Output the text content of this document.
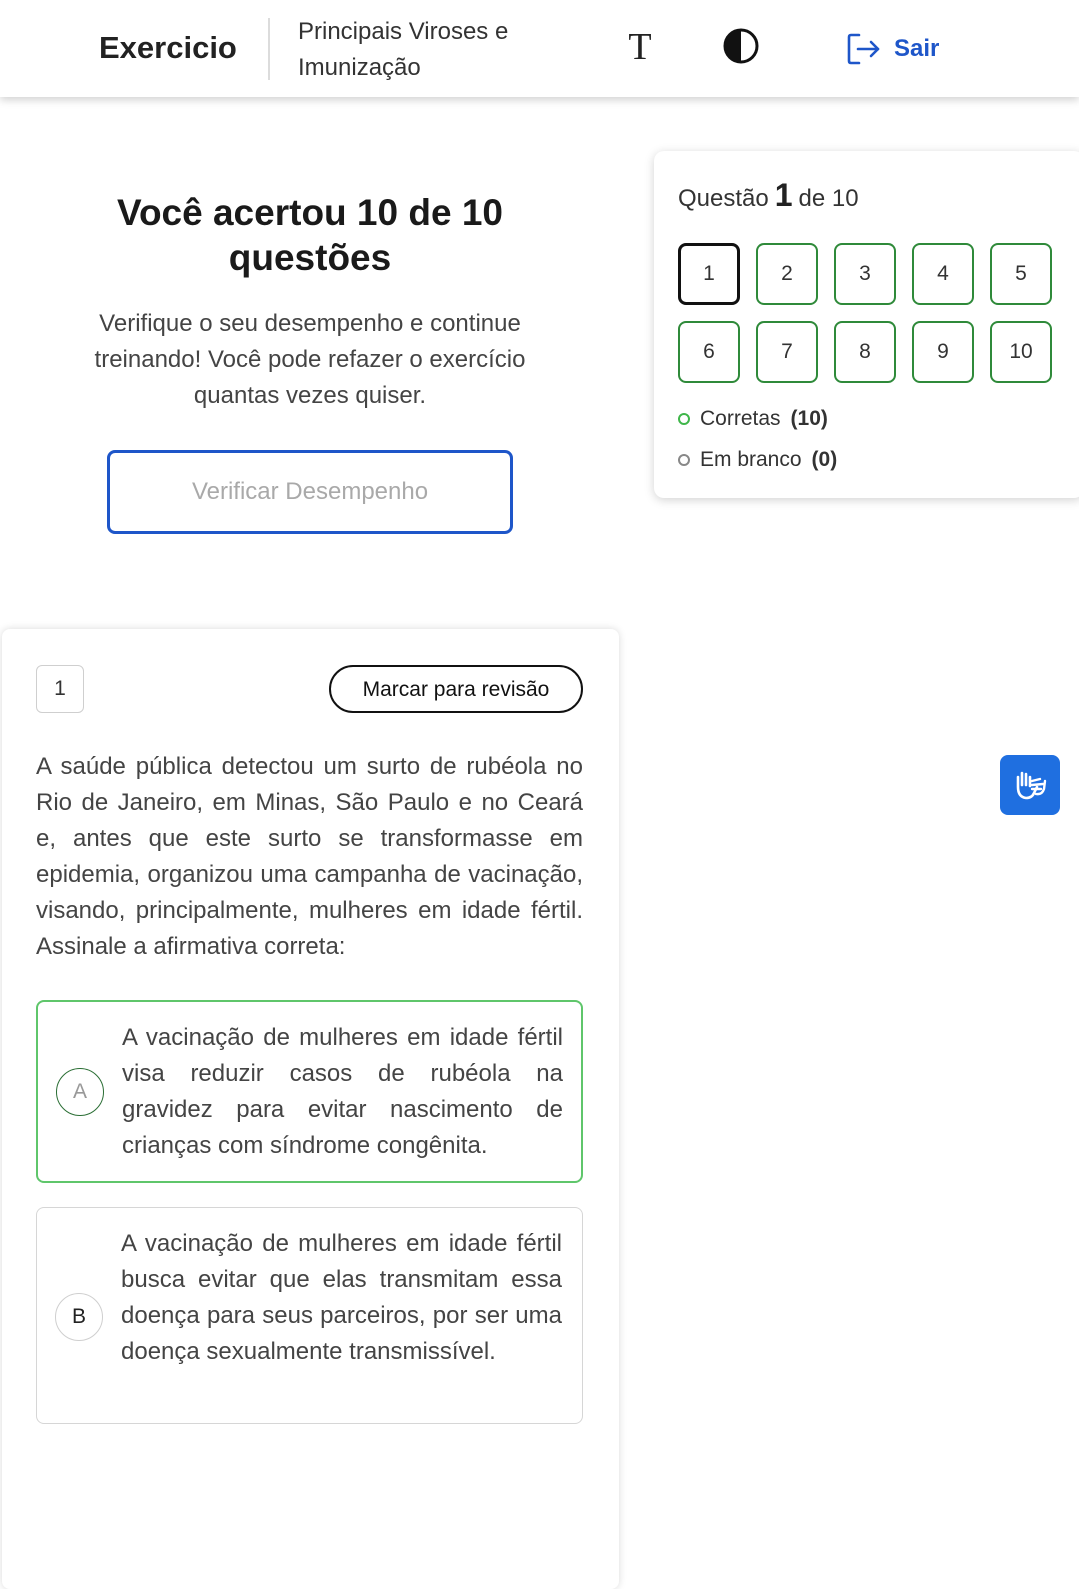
Exercicio	Principais Viroses e Imunização	T	Sair
Você acertou 10 de 10 questões
Verifique o seu desempenho e continue treinando! Você pode refazer o exercício quantas vezes quiser.
Verificar Desempenho
Questão 1 de 10
1	2	3	4	5
6	7	8	9	10
Corretas (10)
Em branco (0)
1	Marcar para revisão
A saúde pública detectou um surto de rubéola no Rio de Janeiro, em Minas, São Paulo e no Ceará e, antes que este surto se transformasse em epidemia, organizou uma campanha de vacinação, visando, principalmente, mulheres em idade fértil. Assinale a afirmativa correta:
A
A vacinação de mulheres em idade fértil visa reduzir casos de rubéola na gravidez para evitar nascimento de crianças com síndrome congênita.
B
A vacinação de mulheres em idade fértil busca evitar que elas transmitam essa doença para seus parceiros, por ser uma doença sexualmente transmissível.
